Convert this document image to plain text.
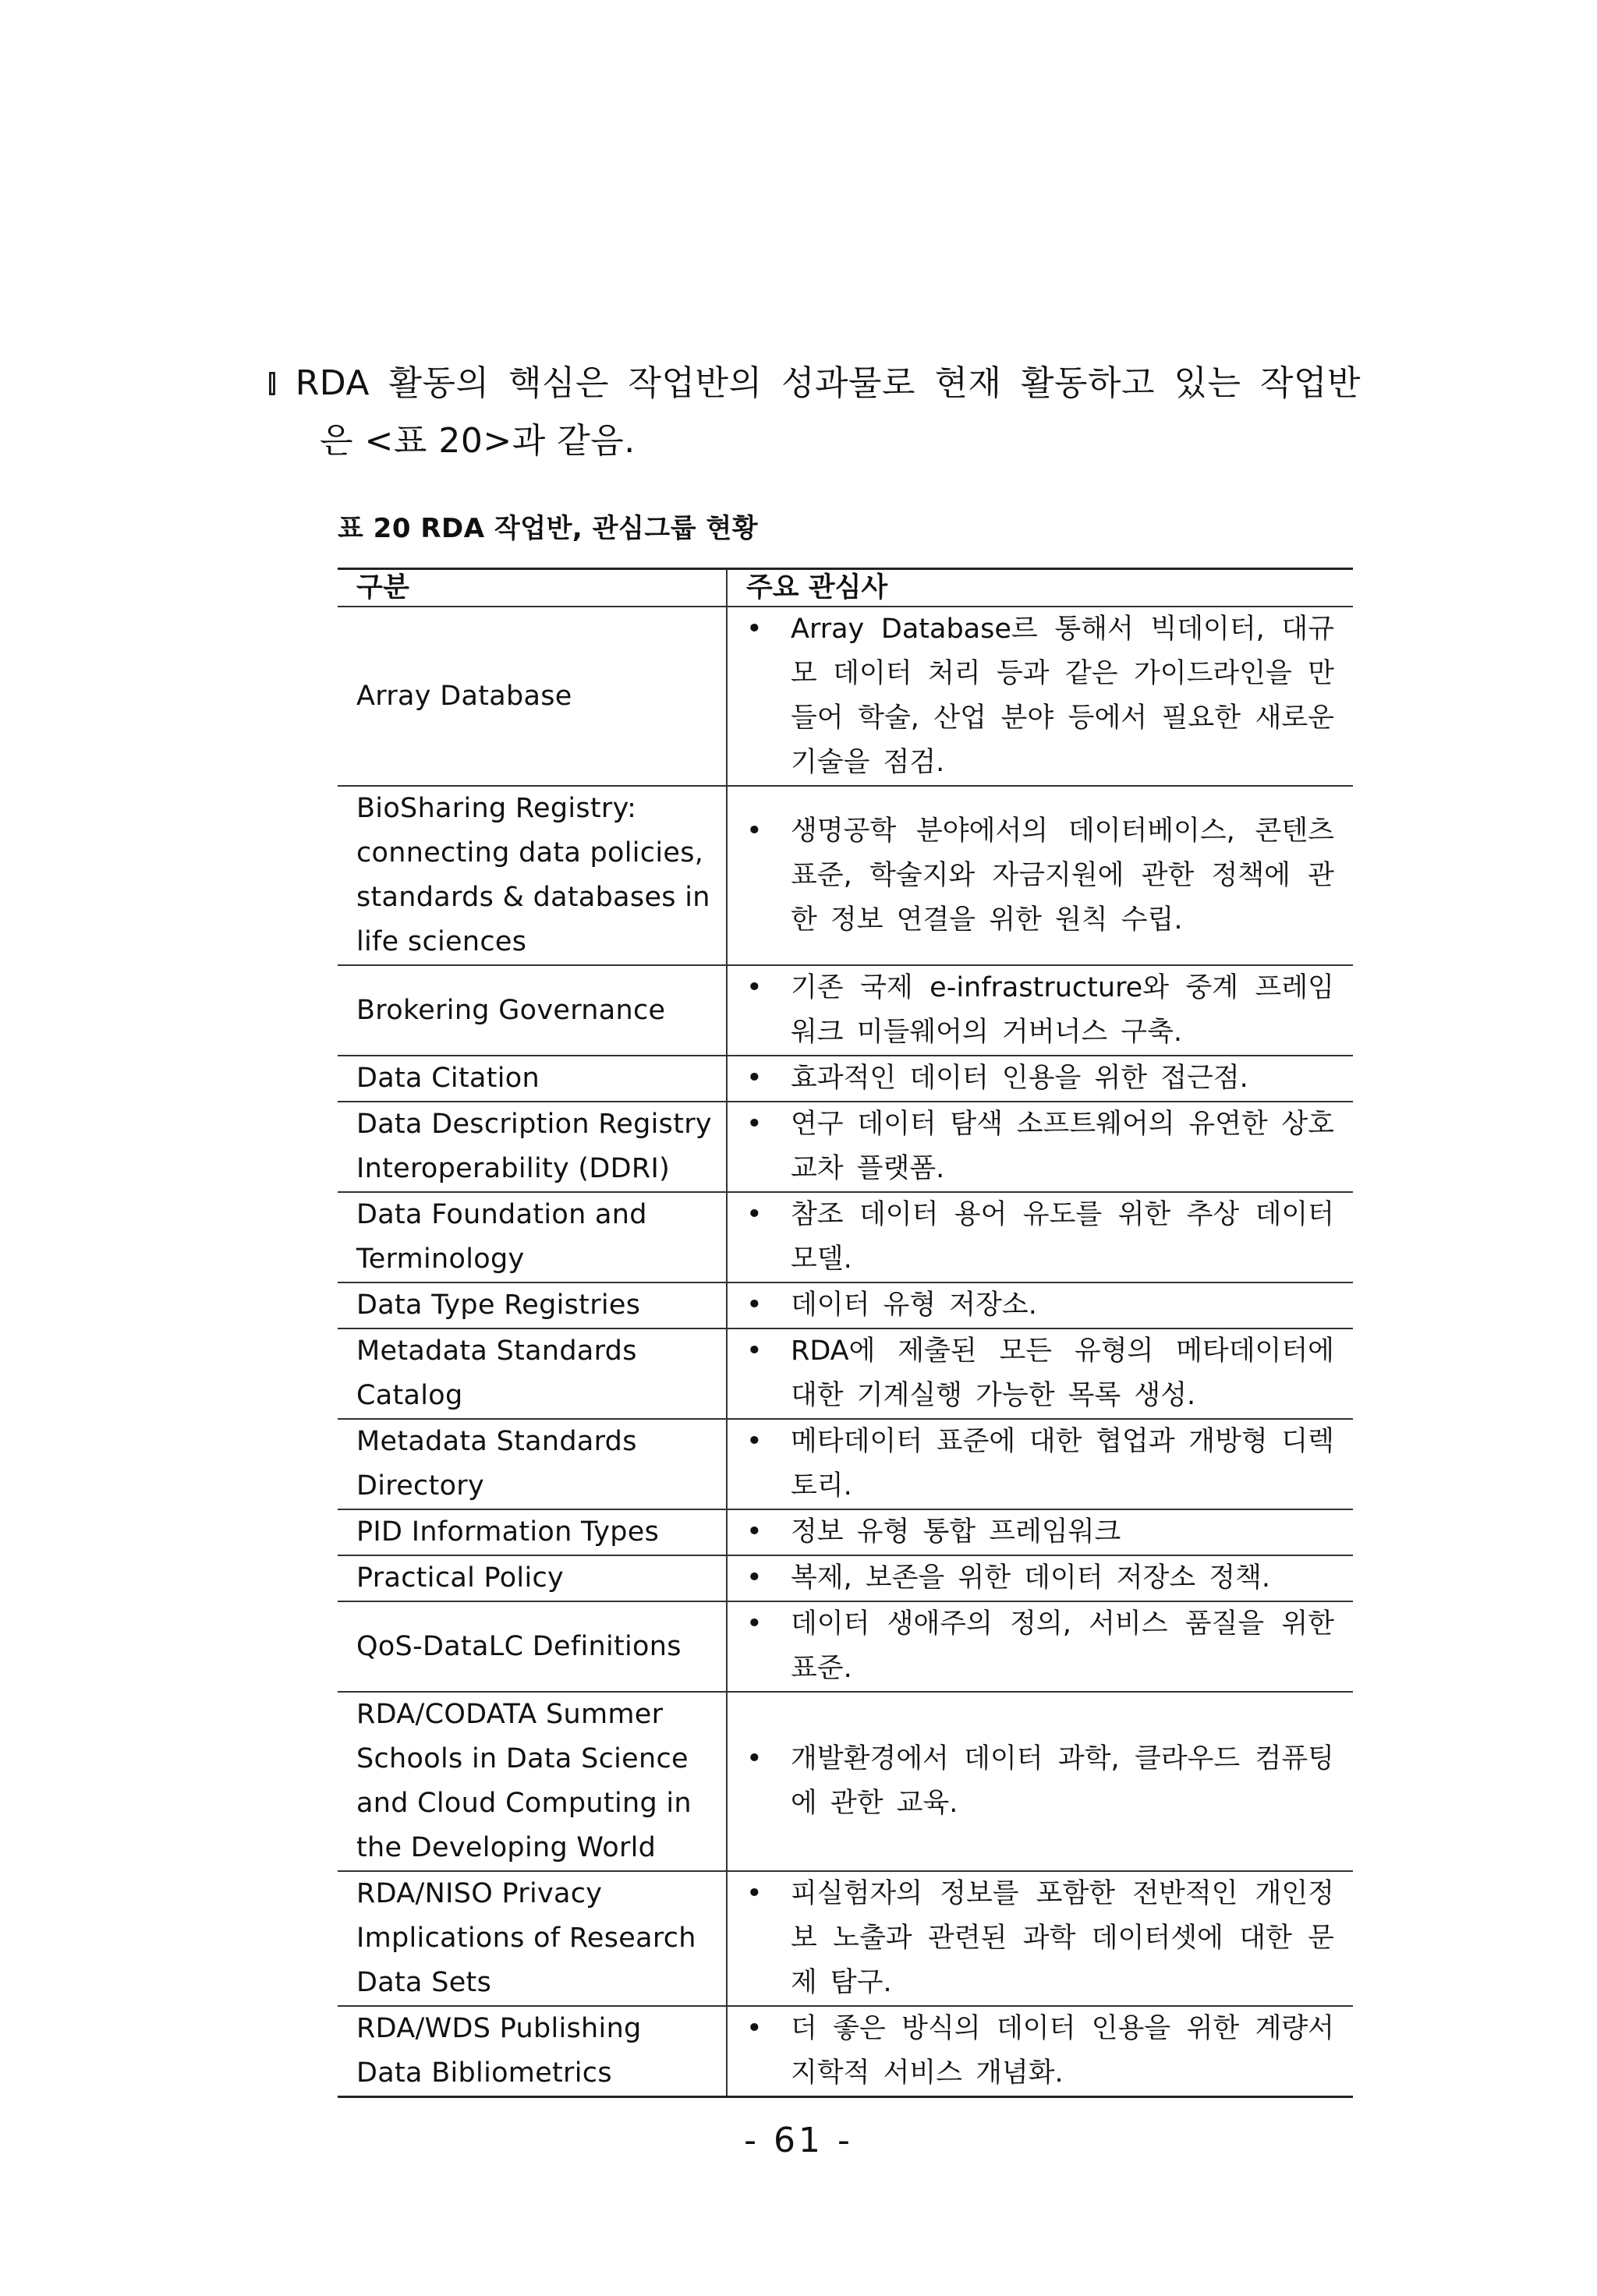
RDA 활동의 핵심은 작업반의 성과물로 현재 활동하고 있는 작업반
은 <표 20>과 같음.
표 20 RDA 작업반, 관심그룹 현황
구분	주요 관심사
Array Database	• Array Database르 통해서 빅데이터, 대규모 데이터 처리 등과 같은 가이드라인을 만들어 학술, 산업 분야 등에서 필요한 새로운 기술을 점검.

BioSharing Registry: connecting data policies, standards & databases in life sciences	• 생명공학 분야에서의 데이터베이스, 콘텐츠 표준, 학술지와 자금지원에 관한 정책에 관한 정보 연결을 위한 원칙 수립.

Brokering Governance	• 기존 국제 e-infrastructure와 중계 프레임워크 미들웨어의 거버너스 구축.

Data Citation	• 효과적인 데이터 인용을 위한 접근점.

Data Description Registry Interoperability (DDRI)	• 연구 데이터 탐색 소프트웨어의 유연한 상호교차 플랫폼.

Data Foundation and Terminology	• 참조 데이터 용어 유도를 위한 추상 데이터 모델.

Data Type Registries	• 데이터 유형 저장소.

Metadata Standards Catalog	• RDA에 제출된 모든 유형의 메타데이터에 대한 기계실행 가능한 목록 생성.

Metadata Standards Directory	• 메타데이터 표준에 대한 협업과 개방형 디렉토리.

PID Information Types	• 정보 유형 통합 프레임워크

Practical Policy	• 복제, 보존을 위한 데이터 저장소 정책.

QoS-DataLC Definitions	• 데이터 생애주의 정의, 서비스 품질을 위한 표준.

RDA/CODATA Summer Schools in Data Science and Cloud Computing in the Developing World	• 개발환경에서 데이터 과학, 클라우드 컴퓨팅에 관한 교육.

RDA/NISO Privacy Implications of Research Data Sets	• 피실험자의 정보를 포함한 전반적인 개인정보 노출과 관련된 과학 데이터셋에 대한 문제 탐구.

RDA/WDS Publishing Data Bibliometrics	• 더 좋은 방식의 데이터 인용을 위한 계량서지학적 서비스 개념화.
- 61 -
